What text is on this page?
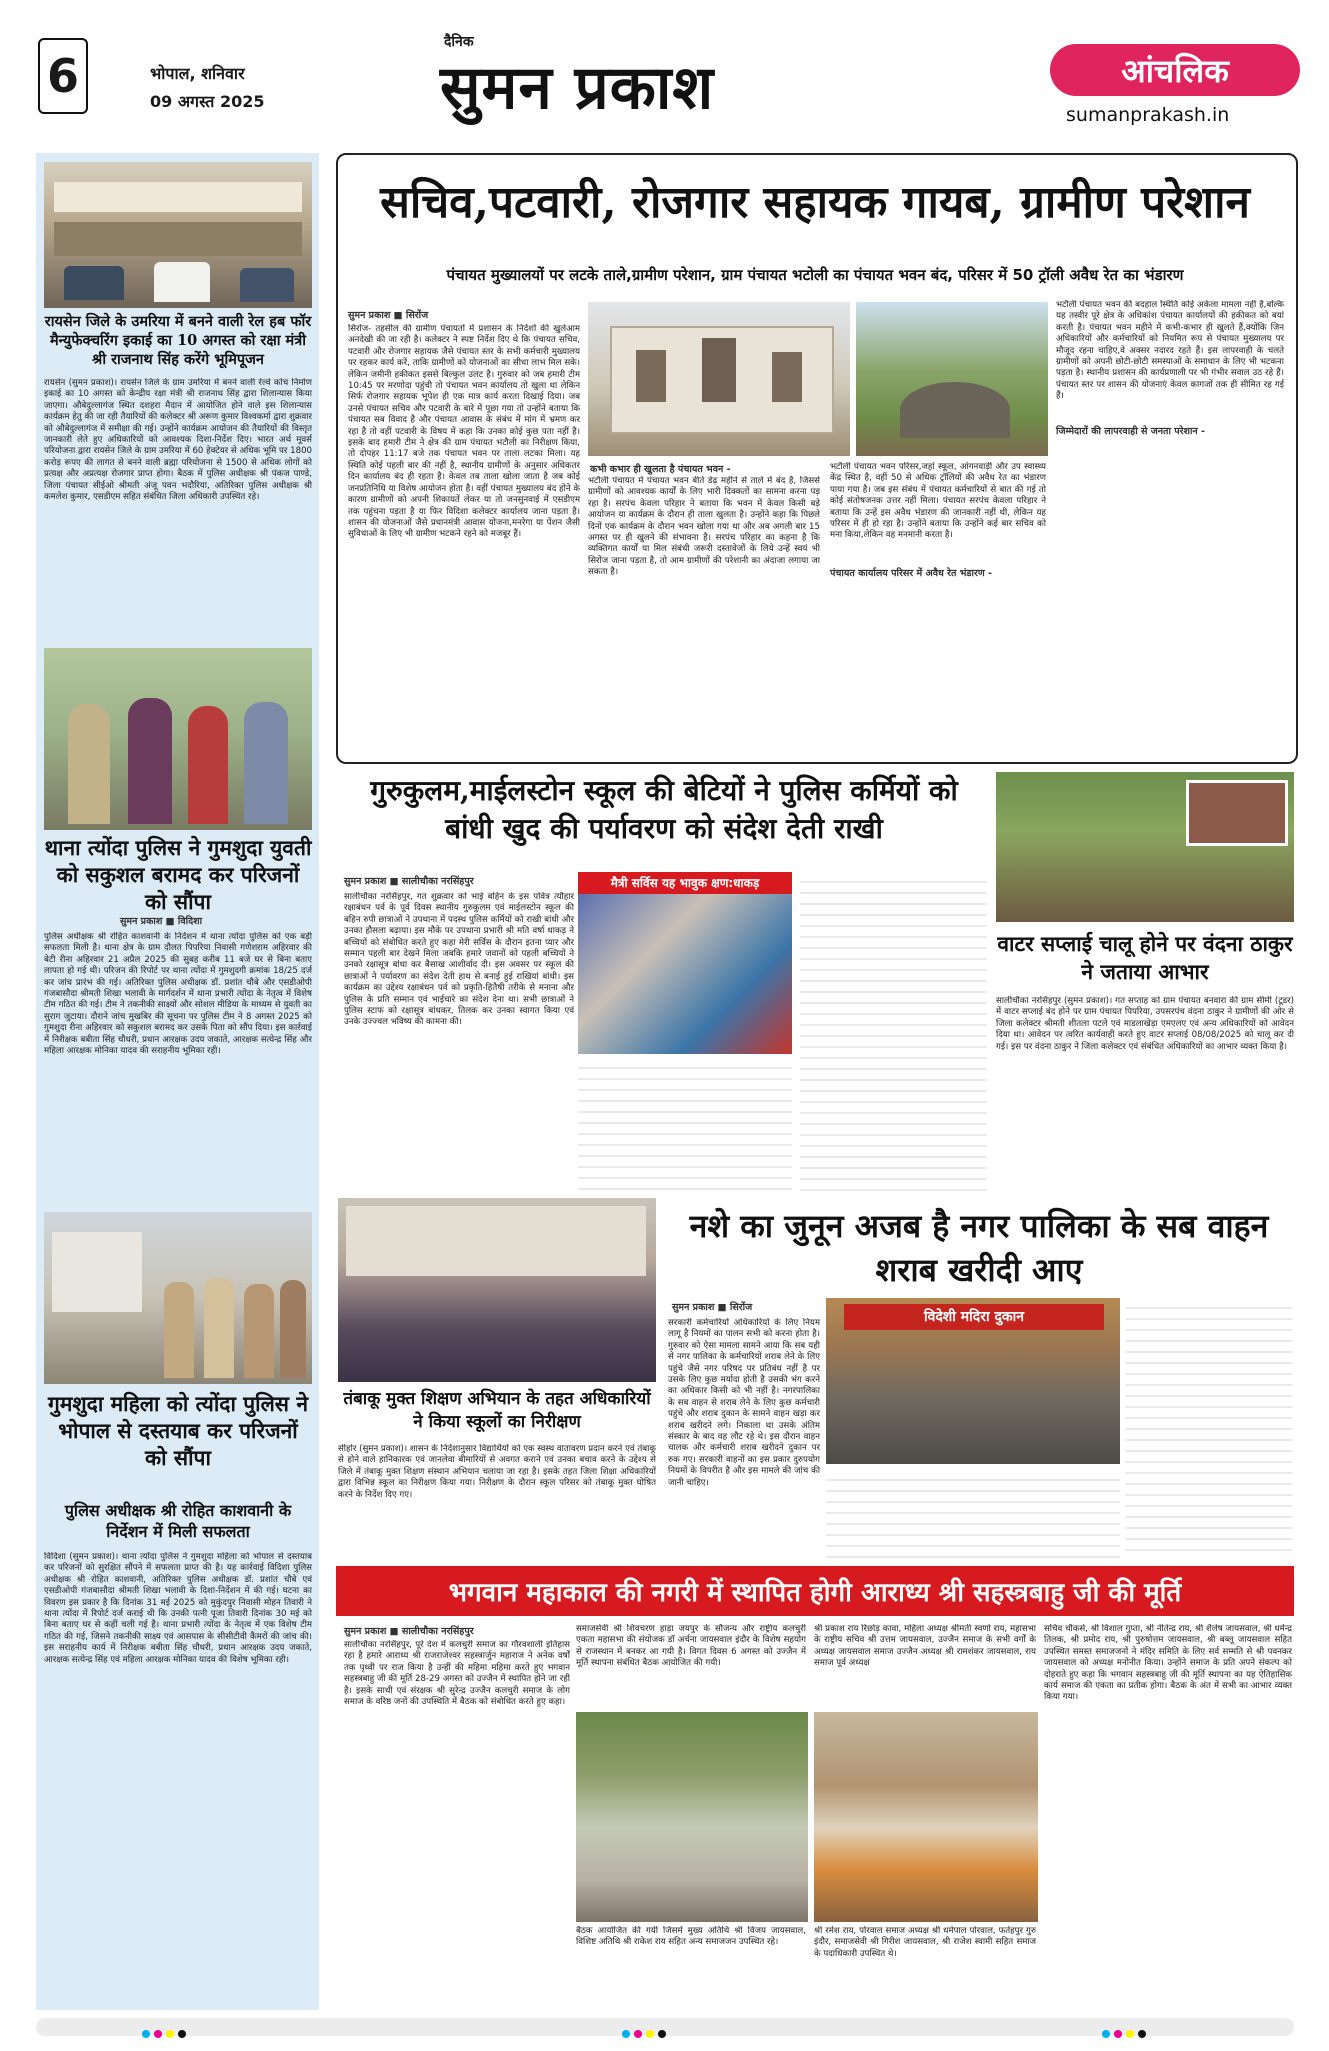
6	भोपाल, शनिवार
09 अगस्त 2025
दैनिक
सुमन प्रकाश	आंचलिक
sumanprakash.in
रायसेन जिले के उमरिया में बनने वाली रेल हब फॉर मैन्युफेक्चरिंग इकाई का 10 अगस्त को रक्षा मंत्री श्री राजनाथ सिंह करेंगे भूमिपूजन
रायसेन (सुमन प्रकाश)। रायसेन जिले के ग्राम उमरिया में बनने वाली रेल्वे कोच निर्माण इकाई का 10 अगस्त को केन्द्रीय रक्षा मंत्री श्री राजनाथ सिंह द्वारा शिलान्यास किया जाएगा। औबेदुल्लागंज स्थित दशहरा मैदान में आयोजित होने वाले इस शिलान्यास कार्यक्रम हेतु की जा रही तैयारियों की कलेक्टर श्री अरूण कुमार विश्वकर्मा द्वारा शुक्रवार को औबेदुल्लागंज में समीक्षा की गई। उन्होंने कार्यक्रम आयोजन की तैयारियों की विस्तृत जानकारी लेते हुए अधिकारियों को आवश्यक दिशा-निर्देश दिए। भारत अर्थ मूवर्स परियोजना द्वारा रायसेन जिले के ग्राम उमरिया में 60 हेक्टेयर से अधिक भूमि पर 1800 करोड़ रूपए की लागत से बनने वाली ब्रह्मा परियोजना से 1500 से अधिक लोगों को प्रत्यक्ष और अप्रत्यक्ष रोजगार प्राप्त होगा। बैठक में पुलिस अधीक्षक श्री पंकज पाण्डे, जिला पंचायत सीईओ श्रीमती अंजू पवन भदौरिया, अतिरिक्त पुलिस अधीक्षक श्री कमलेश कुमार, एसडीएम सहित संबंधित जिला अधिकारी उपस्थित रहे।
थाना त्योंदा पुलिस ने गुमशुदा युवती को सकुशल बरामद कर परिजनों को सौंपा
सुमन प्रकाश ■ विदिशा
पुलिस अधीक्षक श्री रोहित काशवानी के निर्देशन में थाना त्योंदा पुलिस को एक बड़ी सफलता मिली है। थाना क्षेत्र के ग्राम दौलत पिपरिया निवासी गणेशराम अहिरवार की बेटी रीना अहिरवार 21 अप्रैल 2025 की सुबह करीब 11 बजे घर से बिना बताए लापता हो गई थी। परिजन की रिपोर्ट पर थाना त्योंदा में गुमशुदगी क्रमांक 18/25 दर्ज कर जांच प्रारंभ की गई। अतिरिक्त पुलिस अधीक्षक डॉ. प्रशांत चौबे और एसडीओपी गंजबासौदा श्रीमती शिखा भलावी के मार्गदर्शन में थाना प्रभारी त्योंदा के नेतृत्व में विशेष टीम गठित की गई। टीम ने तकनीकी साक्ष्यों और सोशल मीडिया के माध्यम से युवती का सुराग जुटाया। दौराने जांच मुखबिर की सूचना पर पुलिस टीम ने 8 अगस्त 2025 को गुमशुदा रीना अहिरवार को सकुशल बरामद कर उसके पिता को सौंप दिया। इस कार्रवाई में निरीक्षक बबीता सिंह चौधरी, प्रधान आरक्षक उदय जकाते, आरक्षक सत्येन्द्र सिंह और महिला आरक्षक मोनिका यादव की सराहनीय भूमिका रही।
गुमशुदा महिला को त्योंदा पुलिस ने भोपाल से दस्तयाब कर परिजनों को सौंपा
पुलिस अधीक्षक श्री रोहित काशवानी के निर्देशन में मिली सफलता
विदिशा (सुमन प्रकाश)। थाना त्योंदा पुलिस ने गुमशुदा महिला को भोपाल से दस्तयाब कर परिजनों को सुरक्षित सौंपने में सफलता प्राप्त की है। यह कार्रवाई विदिशा पुलिस अधीक्षक श्री रोहित काशवानी, अतिरिक्त पुलिस अधीक्षक डॉ. प्रशांत चौबे एवं एसडीओपी गंजबासौदा श्रीमती शिखा भलावी के दिशा-निर्देशन में की गई। घटना का विवरण इस प्रकार है कि दिनांक 31 मई 2025 को मुकुंदपुर निवासी मोहन तिवारी ने थाना त्योंदा में रिपोर्ट दर्ज कराई थी कि उनकी पत्नी पूजा तिवारी दिनांक 30 मई को बिना बताए घर से कहीं चली गई है। थाना प्रभारी त्योंदा के नेतृत्व में एक विशेष टीम गठित की गई, जिसने तकनीकी साक्ष्य एवं आसपास के सीसीटीवी कैमरों की जांच की। इस सराहनीय कार्य में निरीक्षक बबीता सिंह चौधरी, प्रधान आरक्षक उदय जकाते, आरक्षक सत्येन्द्र सिंह एवं महिला आरक्षक मोनिका यादव की विशेष भूमिका रही।
सचिव,पटवारी, रोजगार सहायक गायब, ग्रामीण परेशान
पंचायत मुख्यालयों पर लटके ताले,ग्रामीण परेशान, ग्राम पंचायत भटोली का पंचायत भवन बंद, परिसर में 50 ट्रॉली अवैध रेत का भंडारण
सुमन प्रकाश ■ सिरोंज
सिरोंज- तहसील की ग्रामीण पंचायतों में प्रशासन के निर्देशों की खुलेआम अनदेखी की जा रही है। कलेक्टर ने स्पष्ट निर्देश दिए थे कि पंचायत सचिव, पटवारी और रोजगार सहायक जैसे पंचायत स्तर के सभी कर्मचारी मुख्यालय पर रहकर कार्य करें, ताकि ग्रामीणों को योजनाओं का सीधा लाभ मिल सके। लेकिन जमीनी हकीकत इससे बिल्कुल उलट है। गुरुवार को जब हमारी टीम 10:45 पर मरणोदा पहुंची तो पंचायत भवन कार्यालय तो खुला था लेकिन सिर्फ रोजगार सहायक भूपेश ही एक मात्र कार्य करता दिखाई दिया। जब उनसे पंचायत सचिव और पटवारी के बारे में पूछा गया तो उन्होंने बताया कि पंचायत सब विवाद है और पंचायत आवास के संबंध में मांग में भ्रमण कर रहा है तो वहीं पटवारी के विषय में कहा कि उनका कोई कुछ पता नहीं है। इसके बाद हमारी टीम ने क्षेत्र की ग्राम पंचायत भटौली का निरीक्षण किया, तो दोपहर 11:17 बजे तक पंचायत भवन पर ताला लटका मिला। यह स्थिति कोई पहली बार की नहीं है, स्थानीय ग्रामीणों के अनुसार अधिकतर दिन कार्यालय बंद ही रहता है। केवल तब ताला खोला जाता है जब कोई जनप्रतिनिधि या विशेष आयोजन होता है। वहीं पंचायत मुख्यालय बंद होने के कारण ग्रामीणों को अपनी शिकायतें लेकर या तो जनसुनवाई में एसडीएम तक पहुंचना पड़ता है या फिर विदिशा कलेक्टर कार्यालय जाना पड़ता है। शासन की योजनाओं जैसे प्रधानमंत्री आवास योजना,मनरेगा या पेंशन जैसी सुविधाओं के लिए भी ग्रामीण भटकने रहने को मजबूर हैं।
कभी कभार ही खुलता है पंचायत भवन -
भटौली पंचायत में पंचायत भवन बीते डेढ़ महीने से ताले में बंद है, जिससे ग्रामीणों को आवश्यक कार्यों के लिए भारी दिक्कतों का सामना करना पड़ रहा है। सरपंच केवला परिहार ने बताया कि भवन में केवल किसी बड़े आयोजन या कार्यक्रम के दौरान ही ताला खुलता है। उन्होंने कहा कि पिछले दिनों एक कार्यक्रम के दौरान भवन खोला गया था और अब अगली बार 15 अगस्त पर ही खुलने की संभावना है। सरपंच परिहार का कहना है कि व्यक्तिगत कार्यों या मिल संबंधी जरूरी दस्तावेजों के लिये उन्हें स्वयं भी सिरोंज जाना पड़ता है, तो आम ग्रामीणों की परेशानी का अंदाजा लगाया जा सकता है।	पंचायत कार्यालय परिसर में अवैध रेत भंडारण -
भटौली पंचायत भवन परिसर,जहां स्कूल, आंगनवाड़ी और उप स्वास्थ्य केंद्र स्थित है, वहीं 50 से अधिक ट्रॉलियों की अवैध रेत का भंडारण पाया गया है। जब इस संबंध में पंचायत कर्मचारियों से बात की गई तो कोई संतोषजनक उत्तर नहीं मिला। पंचायत सरपंच केवला परिहार ने बताया कि उन्हें इस अवैध भंडारण की जानकारी नहीं थी, लेकिन यह परिसर में ही हो रहा है। उन्होंने बताया कि उन्होंने कई बार सचिव को मना किया,लेकिन वह मनमानी करता है।
जिम्मेदारों की लापरवाही से जनता परेशान -
भटौली पंचायत भवन की बदहाल स्थिति कोई अकेला मामला नहीं है,बल्कि यह तस्वीर पूरे क्षेत्र के अधिकांश पंचायत कार्यालयों की हकीकत को बयां करती है। पंचायत भवन महीने में कभी-कभार ही खुलते हैं,क्योंकि जिन अधिकारियों और कर्मचारियों को नियमित रूप से पंचायत मुख्यालय पर मौजूद रहना चाहिए,वे अक्सर नदारद रहते हैं। इस लापरवाही के चलते ग्रामीणों को अपनी छोटी-छोटी समस्याओं के समाधान के लिए भी भटकना पड़ता है। स्थानीय प्रशासन की कार्यप्रणाली पर भी गंभीर सवाल उठ रहे हैं। पंचायत स्तर पर शासन की योजनाएं केवल कागजों तक ही सीमित रह गई हैं।
गुरुकुलम,माईलस्टोन स्कूल की बेटियों ने पुलिस कर्मियों को बांधी खुद की पर्यावरण को संदेश देती राखी
सुमन प्रकाश ■ सालीचौका नरसिंहपुर	मैत्री सर्विस यह भावुक क्षण:धाकड़
सालीचौका नरसिंहपुर, गत शुक्रवार को भाई बहिन के इस पवित्र त्यौहार रक्षाबंधन पर्व के पूर्व दिवस स्थानीय गुरुकुलम एवं माईलस्टोन स्कूल की बहिन रुपी छात्राओं ने उपथाना में पदस्थ पुलिस कर्मियों को राखी बांधी और उनका हौसला बढ़ाया। इस मौके पर उपथाना प्रभारी श्री मति वर्षा धाकड़ ने बच्चियों को संबोधित करते हुए कहा मेरी सर्विस के दौरान इतना प्यार और सम्मान पहली बार देखने मिला जबकि हमारे जवानों को पहली बच्चियों ने उनको रक्षासूत्र बांधा कर बैसाख आशीर्वाद दी। इस अवसर पर स्कूल की छात्राओं ने पर्यावरण का संदेश देती हाथ से बनाई हुई राखियां बांधी। इस कार्यक्रम का उद्देश्य रक्षाबंधन पर्व को प्रकृति-हितैषी तरीके से मनाना और पुलिस के प्रति सम्मान एवं भाईचारे का संदेश देना था। सभी छात्राओं ने पुलिस स्टाफ को रक्षासूत्र बांधकर, तिलक कर उनका स्वागत किया एवं उनके उज्ज्वल भविष्य की कामना की।
वाटर सप्लाई चालू होने पर वंदना ठाकुर ने जताया आभार
सालीचौका नरसिंहपुर (सुमन प्रकाश)। गत सप्ताह को ग्राम पंचायत बनवारा की ग्राम सीमी (टूडर) में वाटर सप्लाई बंद होने पर ग्राम पंचायत पिपरिया, उपसरपंच वंदना ठाकुर ने ग्रामीणों की ओर से जिला कलेक्टर श्रीमती शीतला पटले एवं माडलाखेड़ा एमएलए एवं अन्य अधिकारियों को आवेदन दिया था। आवेदन पर त्वरित कार्यवाही करते हुए वाटर सप्लाई 08/08/2025 को चालू कर दी गई। इस पर वंदना ठाकुर ने जिला कलेक्टर एवं संबंधित अधिकारियों का आभार व्यक्त किया है।
तंबाकू मुक्त शिक्षण अभियान के तहत अधिकारियों ने किया स्कूलों का निरीक्षण
सीहोर (सुमन प्रकाश)। शासन के निर्देशानुसार विद्यार्थियों को एक स्वस्थ वातावरण प्रदान करने एवं तंबाकू से होने वाले हानिकारक एवं जानलेवा बीमारियों से अवगत कराने एवं उनका बचाव करने के उद्देश्य से जिले में तंबाकू मुक्त शिक्षण संस्थान अभियान चलाया जा रहा है। इसके तहत जिला शिक्षा अधिकारियों द्वारा विभिन्न स्कूल का निरीक्षण किया गया। निरीक्षण के दौरान स्कूल परिसर को तंबाकू मुक्त घोषित करने के निर्देश दिए गए।
नशे का जुनून अजब है नगर पालिका के सब वाहन शराब खरीदी आए
सुमन प्रकाश ■ सिरोंज
सरकारी कर्मचारियों अधिकारियों के लिए नियम लागू है नियमों का पालन सभी को करना होता है। गुरुवार को ऐसा मामला सामने आया कि सब यही से नगर पालिका के कर्मचारियों शराब लेने के लिए पहुंचे जैसे नगर परिषद पर प्रतिबंध नहीं है पर उसके लिए कुछ मर्यादा होती है उसकी भंग करने का अधिकार किसी को भी नहीं है। नगरपालिका के सब वाहन से शराब लेने के लिए कुछ कर्मचारी पहुंचे और शराब दुकान के सामने वाहन खड़ा कर शराब खरीदने लगे। निकाला था उसके अंतिम संस्कार के बाद वह लौट रहे थे। इस दौरान वाहन चालक और कर्मचारी शराब खरीदने दुकान पर रुक गए। सरकारी वाहनों का इस प्रकार दुरुपयोग नियमों के विपरीत है और इस मामले की जांच की जानी चाहिए।
विदेशी मदिरा दुकान
भगवान महाकाल की नगरी में स्थापित होगी आराध्य श्री सहस्त्रबाहु जी की मूर्ति
सुमन प्रकाश ■ सालीचौका नरसिंहपुर
सालीचौका नरसिंहपुर, पूरे देश में कलचुरी समाज का गौरवशाली इतिहास रहा है हमारे आराध्य श्री राजराजेश्वर सहस्त्रार्जुन महाराज ने अनेक वर्षों तक पृथ्वी पर राज किया है उन्हीं की महिमा महिमा करते हुए भगवान सहस्त्रबाहु जी की मूर्ति 28-29 अगस्त को उज्जैन में स्थापित होने जा रही है। इसके साथी एवं संरक्षक श्री सुरेन्द्र उज्जैन कलचुरी समाज के लोग समाज के वरिष्ठ जनों की उपस्थिति में बैठक को संबोधित करते हुए कहा।
समाजसेवी श्री शिवचरण हाड़ा जयपुर के सौजन्य और राष्ट्रीय कलचुरी एकता महासभा की संयोजक डॉ अर्चना जायसवाल इंदौर के विशेष सहयोग से राजस्थान में बनकर आ गयी है। विगत दिवस 6 अगस्त को उज्जैन में मूर्ति स्थापना संबंधित बैठक आयोजित की गयी।
बैठक आयोजित की गयी जिसमें मुख्य अतिथि श्री विजय जायसवाल, विशिष्ट अतिथि श्री राकेश राय सहित अन्य समाजजन उपस्थित रहे।
श्री प्रकाश राय रिछोड़ कावा, महिला अध्यक्ष श्रीमती स्वर्णा राय, महासभा के राष्ट्रीय सचिव श्री उत्तम जायसवाल, उज्जैन समाज के सभी वर्गों के अध्यक्ष जायसवाल समाज उज्जैन अध्यक्ष श्री रामशंकर जायसवाल, राय समाज पूर्व अध्यक्ष
श्री रमेश राय, पोरवाल समाज अध्यक्ष श्री धर्मपाल पोरवाल, फतेहपुर गुरु इंदौर, समाजसेवी श्री गिरीश जायसवाल, श्री राजेश स्वामी सहित समाज के पदाधिकारी उपस्थित थे।
सचिव चौकसे, श्री विशाल गुप्ता, श्री नीतेन्द्र राय, श्री शैलेष जायसवाल, श्री धर्मेन्द्र तिलक, श्री प्रमोद राय, श्री पुरुषोत्तम जायसवाल, श्री बब्लू जायसवाल सहित उपस्थित समस्त समाजजनों ने मंदिर समिति के लिए सर्व सम्मति से श्री पवनकर जायसवाल को अध्यक्ष मनोनीत किया। उन्होंने समाज के प्रति अपने संकल्प को दोहराते हुए कहा कि भगवान सहस्त्रबाहु जी की मूर्ति स्थापना का यह ऐतिहासिक कार्य समाज की एकता का प्रतीक होगा। बैठक के अंत में सभी का आभार व्यक्त किया गया।
